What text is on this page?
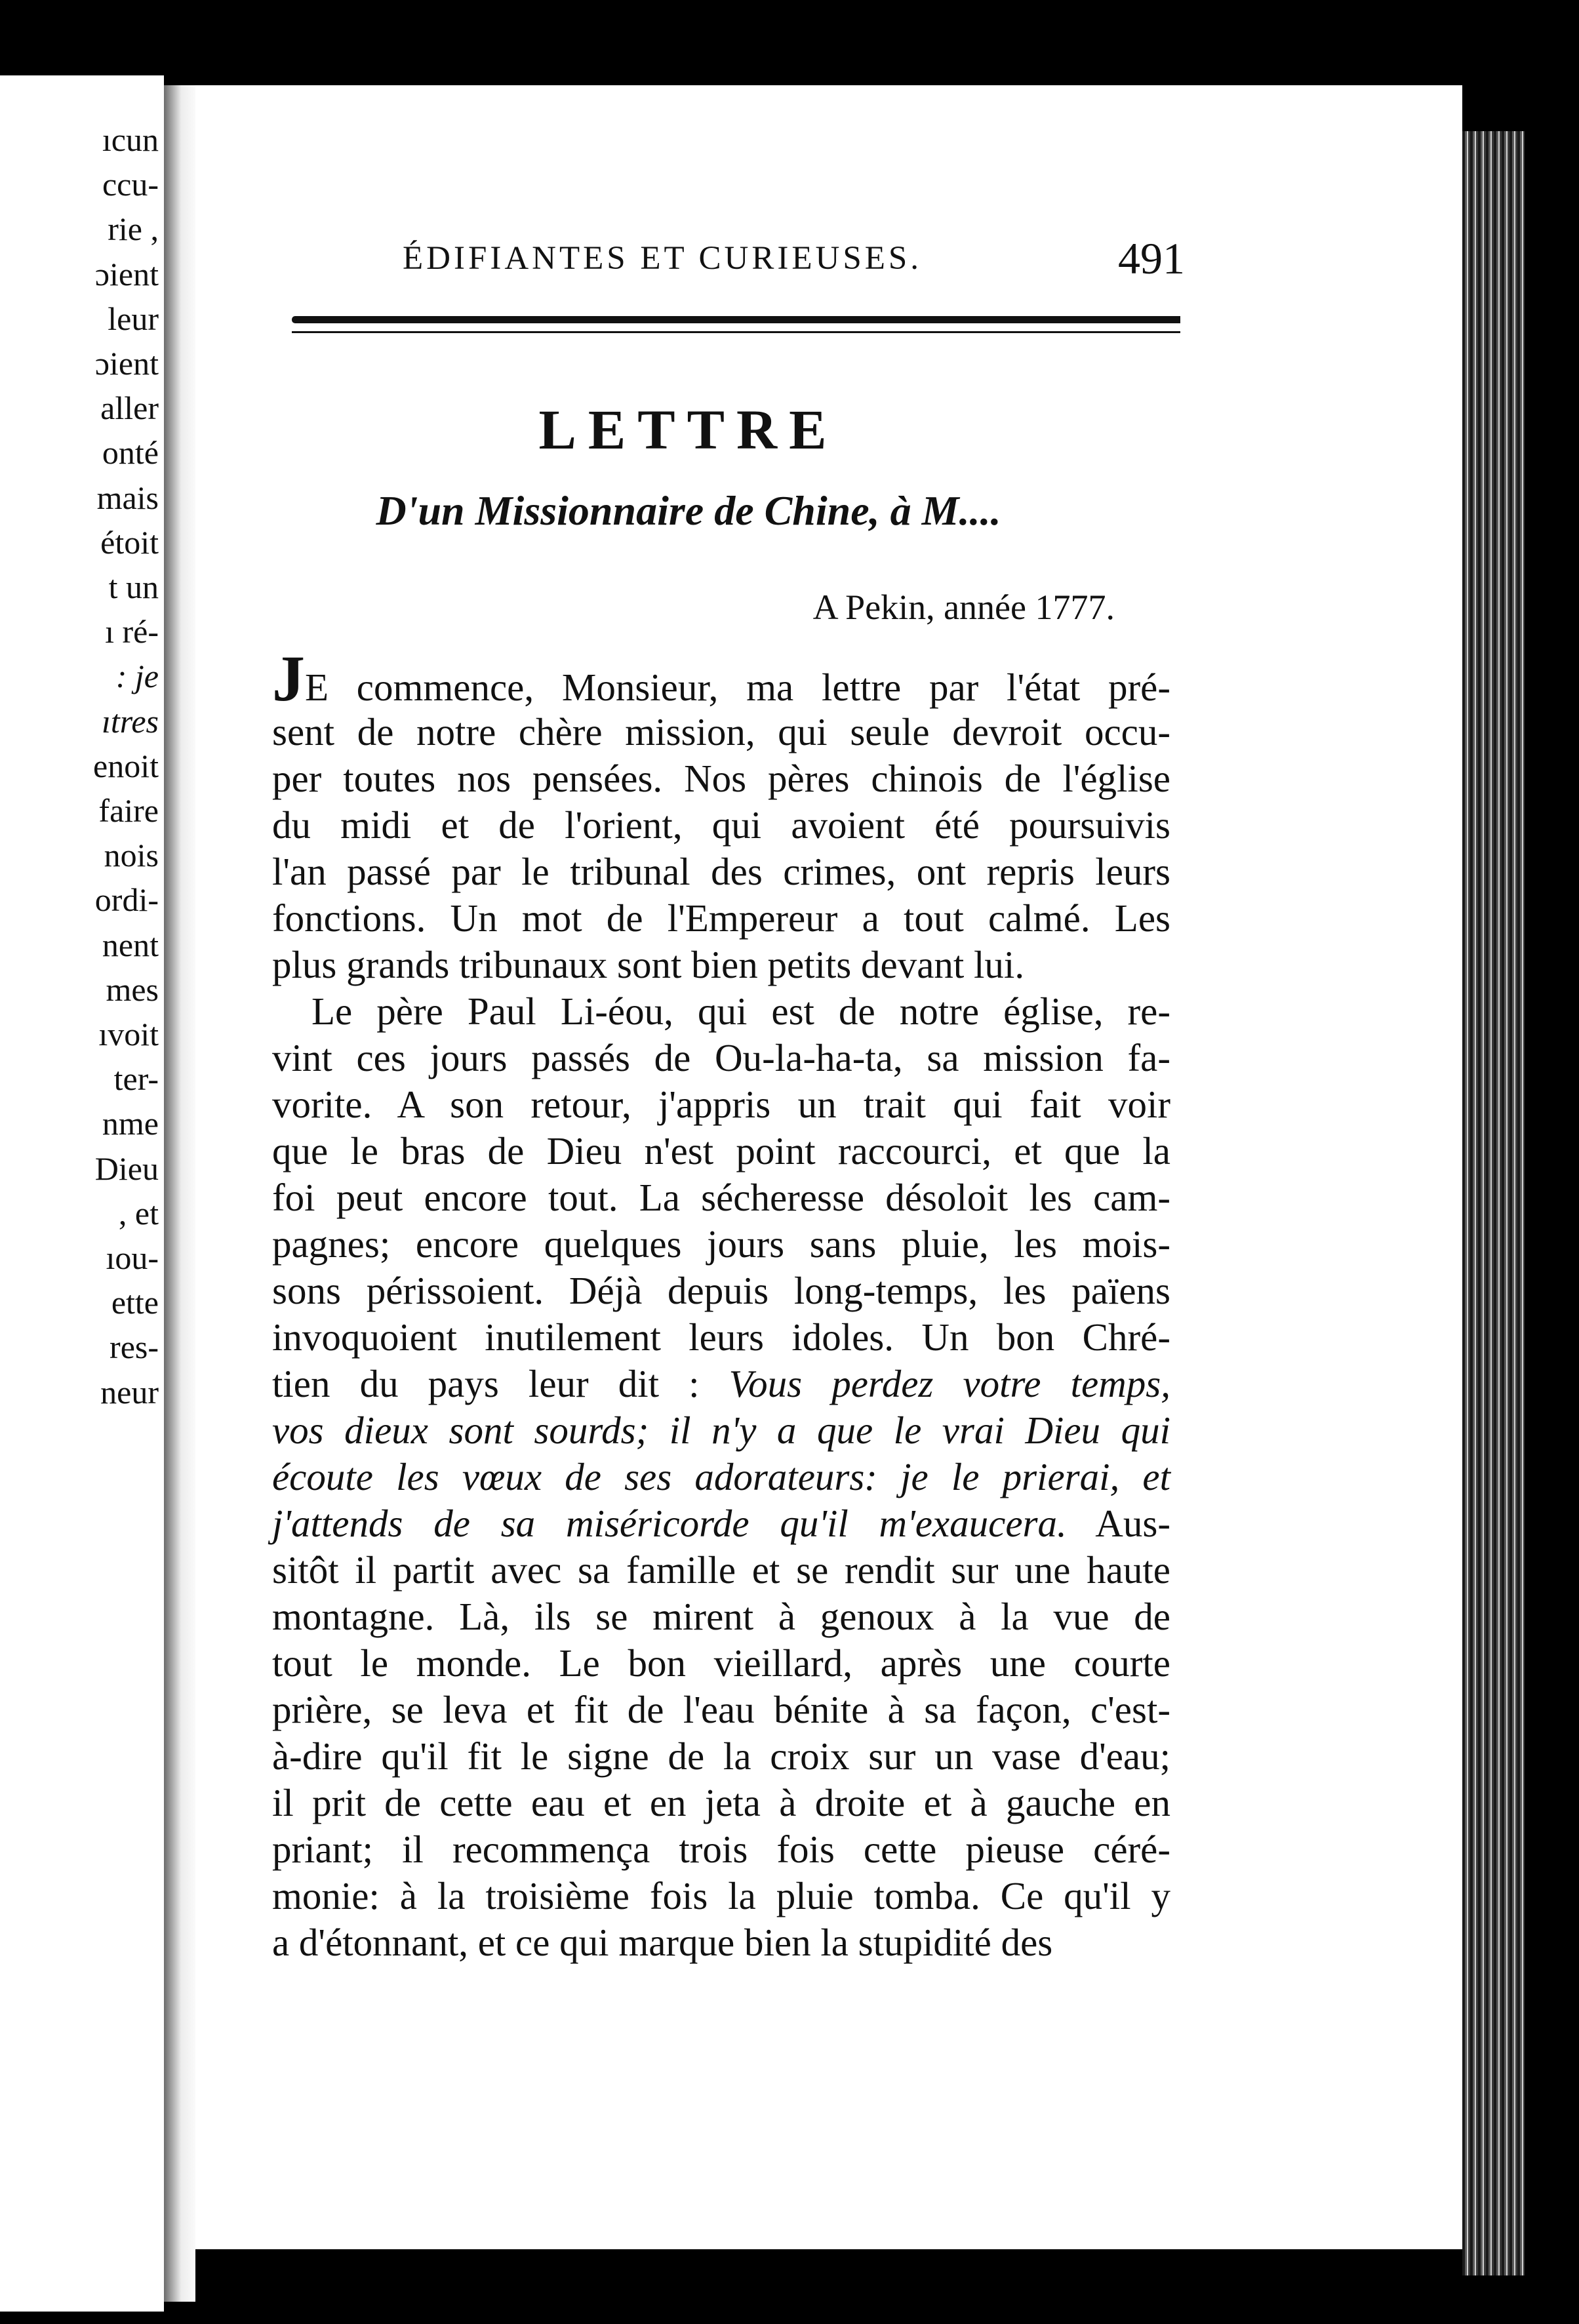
ıcun
ccu-
rie ,
ɔient
leur
ɔient
aller
onté
mais
étoit
t un
ı ré-
: je
ıtres
enoit
faire
nois
ordi-
nent
mes
ıvoit
ter-
nme
Dieu
, et
ıou-
ette
res-
neur
ÉDIFIANTES ET CURIEUSES.	491
LETTRE
D'un Missionnaire de Chine, à M....
A Pekin, année 1777.
JE commence, Monsieur, ma lettre par l'état pré-
sent de notre chère mission, qui seule devroit occu-
per toutes nos pensées. Nos pères chinois de l'église
du midi et de l'orient, qui avoient été poursuivis
l'an passé par le tribunal des crimes, ont repris leurs
fonctions. Un mot de l'Empereur a tout calmé. Les
plus grands tribunaux sont bien petits devant lui.
Le père Paul Li-éou, qui est de notre église, re-
vint ces jours passés de Ou-la-ha-ta, sa mission fa-
vorite. A son retour, j'appris un trait qui fait voir
que le bras de Dieu n'est point raccourci, et que la
foi peut encore tout. La sécheresse désoloit les cam-
pagnes; encore quelques jours sans pluie, les mois-
sons périssoient. Déjà depuis long-temps, les païens
invoquoient inutilement leurs idoles. Un bon Chré-
tien du pays leur dit : Vous perdez votre temps,
vos dieux sont sourds; il n'y a que le vrai Dieu qui
écoute les vœux de ses adorateurs: je le prierai, et
j'attends de sa miséricorde qu'il m'exaucera. Aus-
sitôt il partit avec sa famille et se rendit sur une haute
montagne. Là, ils se mirent à genoux à la vue de
tout le monde. Le bon vieillard, après une courte
prière, se leva et fit de l'eau bénite à sa façon, c'est-
à-dire qu'il fit le signe de la croix sur un vase d'eau;
il prit de cette eau et en jeta à droite et à gauche en
priant; il recommença trois fois cette pieuse céré-
monie: à la troisième fois la pluie tomba. Ce qu'il y
a d'étonnant, et ce qui marque bien la stupidité des
